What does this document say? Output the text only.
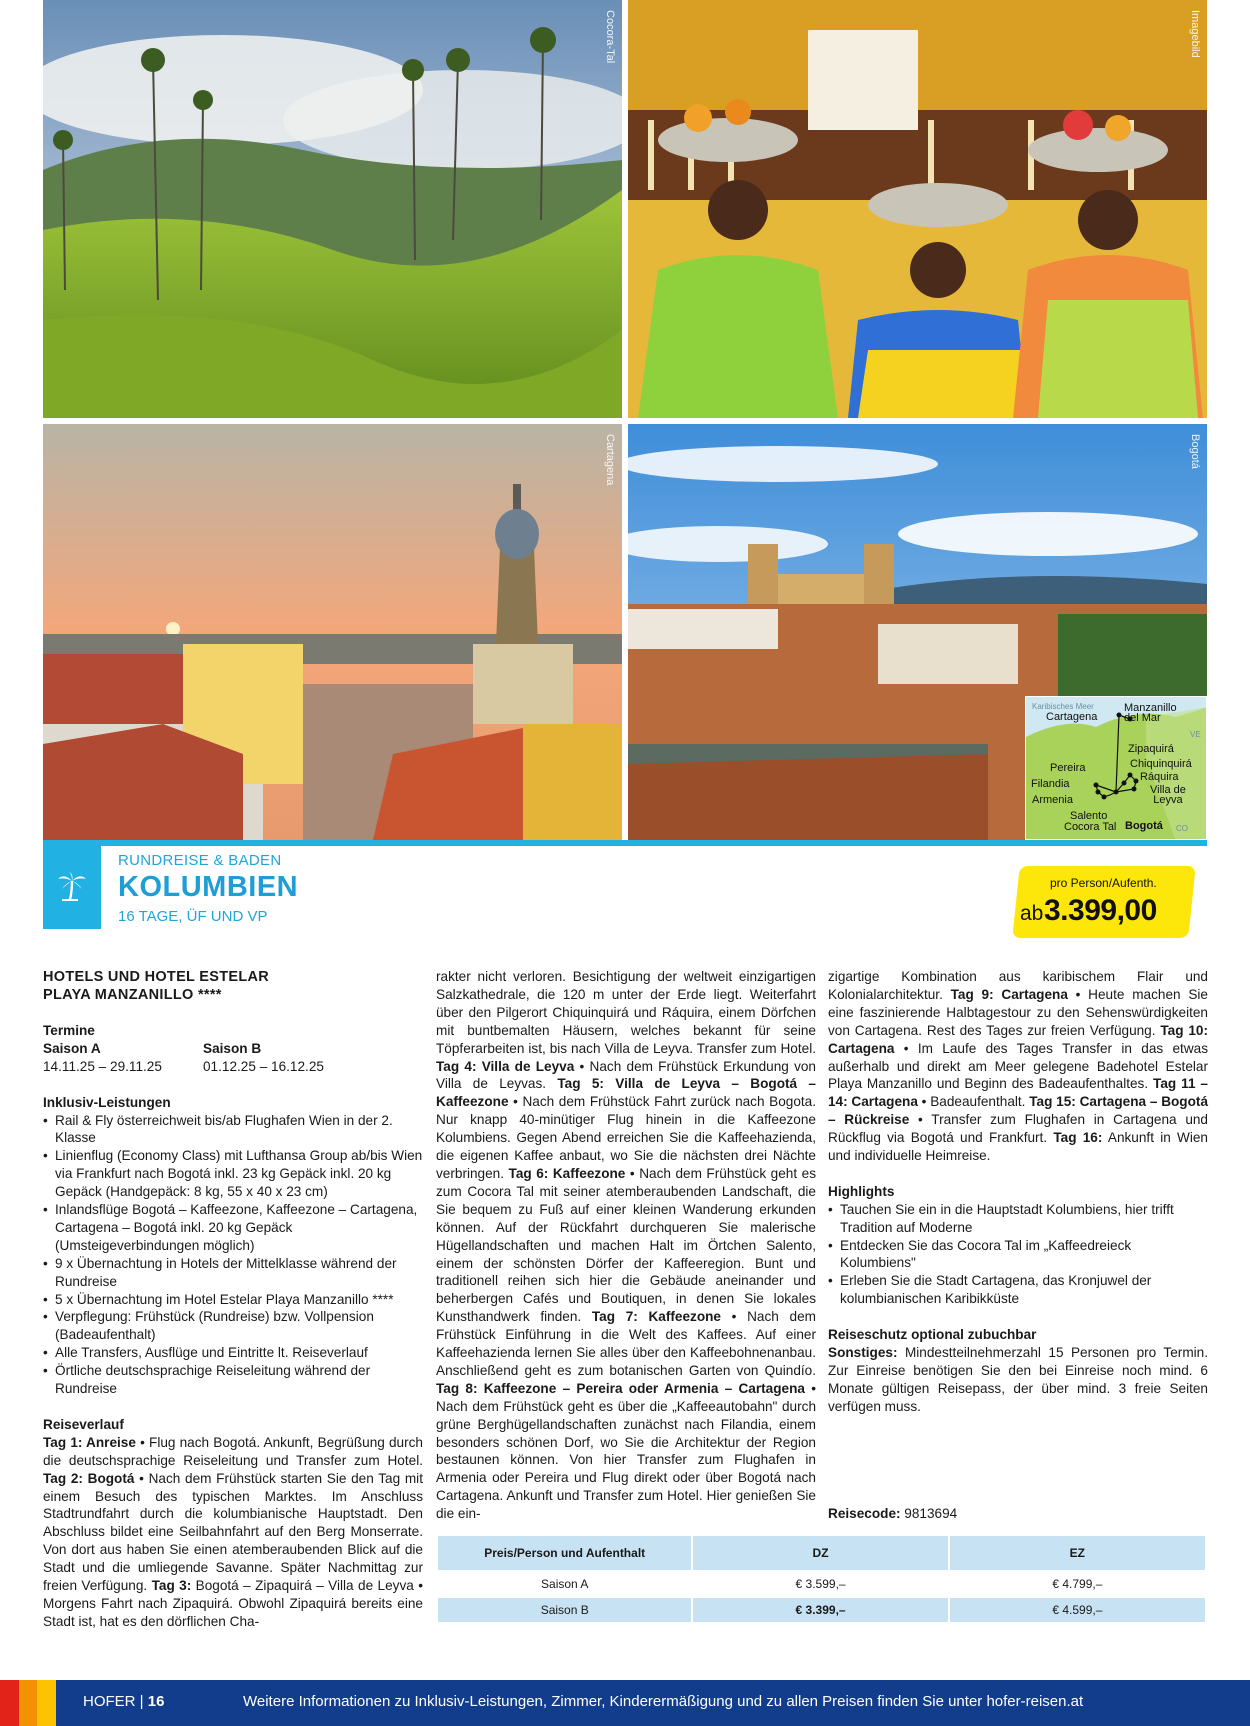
Cocora-Tal	Imagebild
Cartagena	Bogotá
Karibisches Meer
Cartagena
Manzanillo
del Mar
VE
Zipaquirá
Chiquinquirá
Ráquira
Villa de
Leyva
Pereira
Filandia
Armenia
Salento
Cocora Tal Bogotá CO
RUNDREISE & BADEN
KOLUMBIEN
16 TAGE, ÜF UND VP
pro Person/Aufenth.
ab 3.399,00
HOTELS UND HOTEL ESTELAR
PLAYA MANZANILLO ****
Termine
Saison A	Saison B
14.11.25 – 29.11.25	01.12.25 – 16.12.25
Inklusiv-Leistungen
• Rail & Fly österreichweit bis/ab Flughafen Wien in der 2. Klasse
• Linienflug (Economy Class) mit Lufthansa Group ab/bis Wien via Frankfurt nach Bogotá inkl. 23 kg Gepäck inkl. 20 kg Gepäck (Handgepäck: 8 kg, 55 x 40 x 23 cm)
• Inlandsflüge Bogotá – Kaffeezone, Kaffeezone – Cartagena, Cartagena – Bogotá inkl. 20 kg Gepäck (Umsteigeverbindungen möglich)
• 9 x Übernachtung in Hotels der Mittelklasse während der Rundreise
• 5 x Übernachtung im Hotel Estelar Playa Manzanillo ****
• Verpflegung: Frühstück (Rundreise) bzw. Vollpension (Badeaufenthalt)
• Alle Transfers, Ausflüge und Eintritte lt. Reiseverlauf
• Örtliche deutschsprachige Reiseleitung während der Rundreise
Reiseverlauf

Tag 1: Anreise • Flug nach Bogotá. Ankunft, Begrüßung durch die deutschsprachige Reiseleitung und Transfer zum Hotel. Tag 2: Bogotá • Nach dem Frühstück starten Sie den Tag mit einem Besuch des typischen Marktes. Im Anschluss Stadtrundfahrt durch die kolumbianische Hauptstadt. Den Abschluss bildet eine Seilbahnfahrt auf den Berg Monserrate. Von dort aus haben Sie einen atemberaubenden Blick auf die Stadt und die umliegende Savanne. Später Nachmittag zur freien Verfügung. Tag 3: Bogotá – Zipaquirá – Villa de Leyva • Morgens Fahrt nach Zipaquirá. Obwohl Zipaquirá bereits eine Stadt ist, hat es den dörflichen Cha-

rakter nicht verloren. Besichtigung der weltweit einzigartigen Salzkathedrale, die 120 m unter der Erde liegt. Weiterfahrt über den Pilgerort Chiquinquirá und Ráquira, einem Dörfchen mit buntbemalten Häusern, welches bekannt für seine Töpferarbeiten ist, bis nach Villa de Leyva. Transfer zum Hotel. Tag 4: Villa de Leyva • Nach dem Frühstück Erkundung von Villa de Leyvas. Tag 5: Villa de Leyva – Bogotá – Kaffeezone • Nach dem Frühstück Fahrt zurück nach Bogota. Nur knapp 40-minütiger Flug hinein in die Kaffeezone Kolumbiens. Gegen Abend erreichen Sie die Kaffeehazienda, die eigenen Kaffee anbaut, wo Sie die nächsten drei Nächte verbringen. Tag 6: Kaffeezone • Nach dem Frühstück geht es zum Cocora Tal mit seiner atemberaubenden Landschaft, die Sie bequem zu Fuß auf einer kleinen Wanderung erkunden können. Auf der Rückfahrt durchqueren Sie malerische Hügellandschaften und machen Halt im Örtchen Salento, einem der schönsten Dörfer der Kaffeeregion. Bunt und traditionell reihen sich hier die Gebäude aneinander und beherbergen Cafés und Boutiquen, in denen Sie lokales Kunsthandwerk finden. Tag 7: Kaffeezone • Nach dem Frühstück Einführung in die Welt des Kaffees. Auf einer Kaffeehazienda lernen Sie alles über den Kaffeebohnenanbau. Anschließend geht es zum botanischen Garten von Quindío. Tag 8: Kaffeezone – Pereira oder Armenia – Cartagena • Nach dem Frühstück geht es über die „Kaffeeautobahn" durch grüne Berghügellandschaften zunächst nach Filandia, einem besonders schönen Dorf, wo Sie die Architektur der Region bestaunen können. Von hier Transfer zum Flughafen in Armenia oder Pereira und Flug direkt oder über Bogotá nach Cartagena. Ankunft und Transfer zum Hotel. Hier genießen Sie die ein-

zigartige Kombination aus karibischem Flair und Kolonialarchitektur. Tag 9: Cartagena • Heute machen Sie eine faszinierende Halbtagestour zu den Sehenswürdigkeiten von Cartagena. Rest des Tages zur freien Verfügung. Tag 10: Cartagena • Im Laufe des Tages Transfer in das etwas außerhalb und direkt am Meer gelegene Badehotel Estelar Playa Manzanillo und Beginn des Badeaufenthaltes. Tag 11 – 14: Cartagena • Badeaufenthalt. Tag 15: Cartagena – Bogotá – Rückreise • Transfer zum Flughafen in Cartagena und Rückflug via Bogotá und Frankfurt. Tag 16: Ankunft in Wien und individuelle Heimreise.

Highlights
• Tauchen Sie ein in die Hauptstadt Kolumbiens, hier trifft Tradition auf Moderne
• Entdecken Sie das Cocora Tal im „Kaffeedreieck Kolumbiens"
• Erleben Sie die Stadt Cartagena, das Kronjuwel der kolumbianischen Karibikküste
Reiseschutz optional zubuchbar

Sonstiges: Mindestteilnehmerzahl 15 Personen pro Termin. Zur Einreise benötigen Sie den bei Einreise noch mind. 6 Monate gültigen Reisepass, der über mind. 3 freie Seiten verfügen muss.

Reisecode: 9813694

Preis/Person und Aufenthalt	DZ	EZ
Saison A	€ 3.599,–	€ 4.799,–
Saison B	€ 3.399,–	€ 4.599,–
HOFER | 16	Weitere Informationen zu Inklusiv-Leistungen, Zimmer, Kinderermäßigung und zu allen Preisen finden Sie unter hofer-reisen.at
